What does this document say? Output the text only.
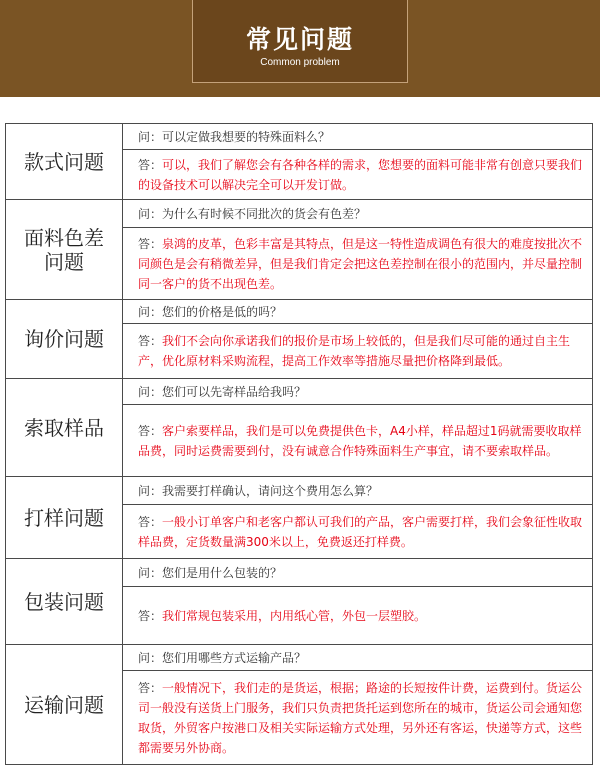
常见问题
Common problem
款式问题	问：可以定做我想要的特殊面料么？
	答：可以，我们了解您会有各种各样的需求，您想要的面料可能非常有创意只要我们的设备技术可以解决完全可以开发订做。

面料色差问题	问：为什么有时候不同批次的货会有色差？
	答：泉鸿的皮革，色彩丰富是其特点，但是这一特性造成调色有很大的难度按批次不同颜色是会有稍微差异，但是我们肯定会把这色差控制在很小的范围内，并尽量控制同一客户的货不出现色差。
询价问题	问：您们的价格是低的吗？
	答：我们不会向你承诺我们的报价是市场上较低的，但是我们尽可能的通过自主生产，优化原材料采购流程，提高工作效率等措施尽量把价格降到最低。
索取样品	问：您们可以先寄样品给我吗？
	答：客户索要样品，我们是可以免费提供色卡，A4小样，样品超过1码就需要收取样品费，同时运费需要到付，没有诚意合作特殊面料生产事宜，请不要索取样品。
打样问题	问：我需要打样确认，请问这个费用怎么算？
	答：一般小订单客户和老客户都认可我们的产品，客户需要打样，我们会象征性收取样品费，定货数量满300米以上，免费返还打样费。
包装问题	问：您们是用什么包装的？
	答：我们常规包装采用，内用纸心管，外包一层塑胶。
运输问题	问：您们用哪些方式运输产品？
	答：一般情况下，我们走的是货运，根据；路途的长短按件计费，运费到付。货运公司一般没有送货上门服务，我们只负责把货托运到您所在的城市，货运公司会通知您取货，外贸客户按港口及相关实际运输方式处理，另外还有客运，快递等方式，这些都需要另外协商。
